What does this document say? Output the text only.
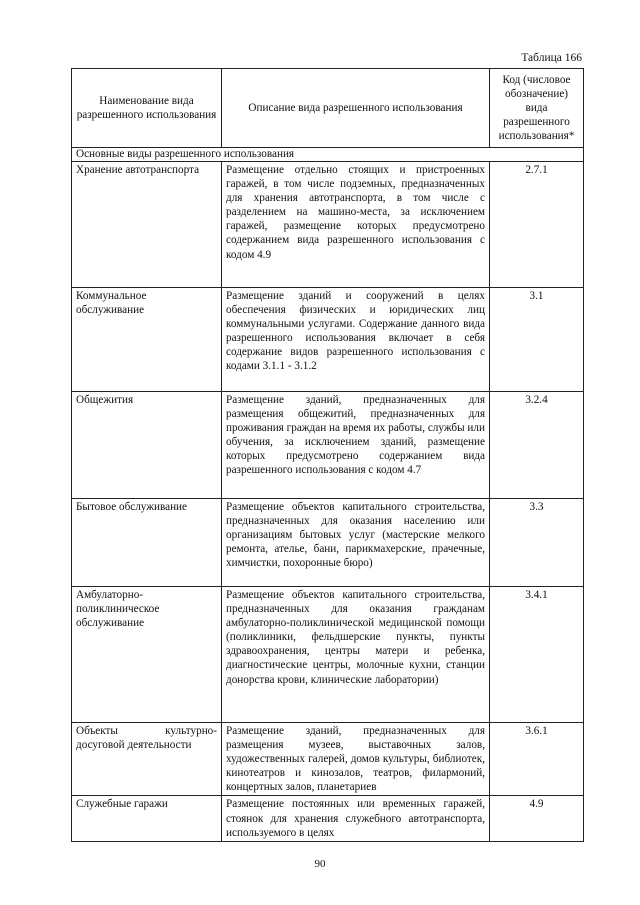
Таблица 166
Наименование вида разрешенного использования	Описание вида разрешенного использования	Код (числовое обозначение) вида разрешенного использования*
Основные виды разрешенного использования		
Хранение автотранспорта	Размещение отдельно стоящих и пристроенных гаражей, в том числе подземных, предназначенных для хранения автотранспорта, в том числе с разделением на машино-места, за исключением гаражей, размещение которых предусмотрено содержанием вида разрешенного использования с кодом 4.9	2.7.1
Коммунальное обслуживание	Размещение зданий и сооружений в целях обеспечения физических и юридических лиц коммунальными услугами. Содержание данного вида разрешенного использования включает в себя содержание видов разрешенного использования с кодами 3.1.1 - 3.1.2	3.1
Общежития	Размещение зданий, предназначенных для размещения общежитий, предназначенных для проживания граждан на время их работы, службы или обучения, за исключением зданий, размещение которых предусмотрено содержанием вида разрешенного использования с кодом 4.7	3.2.4
Бытовое обслуживание	Размещение объектов капитального строительства, предназначенных для оказания населению или организациям бытовых услуг (мастерские мелкого ремонта, ателье, бани, парикмахерские, прачечные, химчистки, похоронные бюро)	3.3
Амбулаторно-поликлиническое обслуживание	Размещение объектов капитального строительства, предназначенных для оказания гражданам амбулаторно-поликлинической медицинской помощи (поликлиники, фельдшерские пункты, пункты здравоохранения, центры матери и ребенка, диагностические центры, молочные кухни, станции донорства крови, клинические лаборатории)	3.4.1
Объекты культурно-досуговой деятельности	Размещение зданий, предназначенных для размещения музеев, выставочных залов, художественных галерей, домов культуры, библиотек, кинотеатров и кинозалов, театров, филармоний, концертных залов, планетариев	3.6.1
Служебные гаражи	Размещение постоянных или временных гаражей, стоянок для хранения служебного автотранспорта, используемого в целях	4.9
90
